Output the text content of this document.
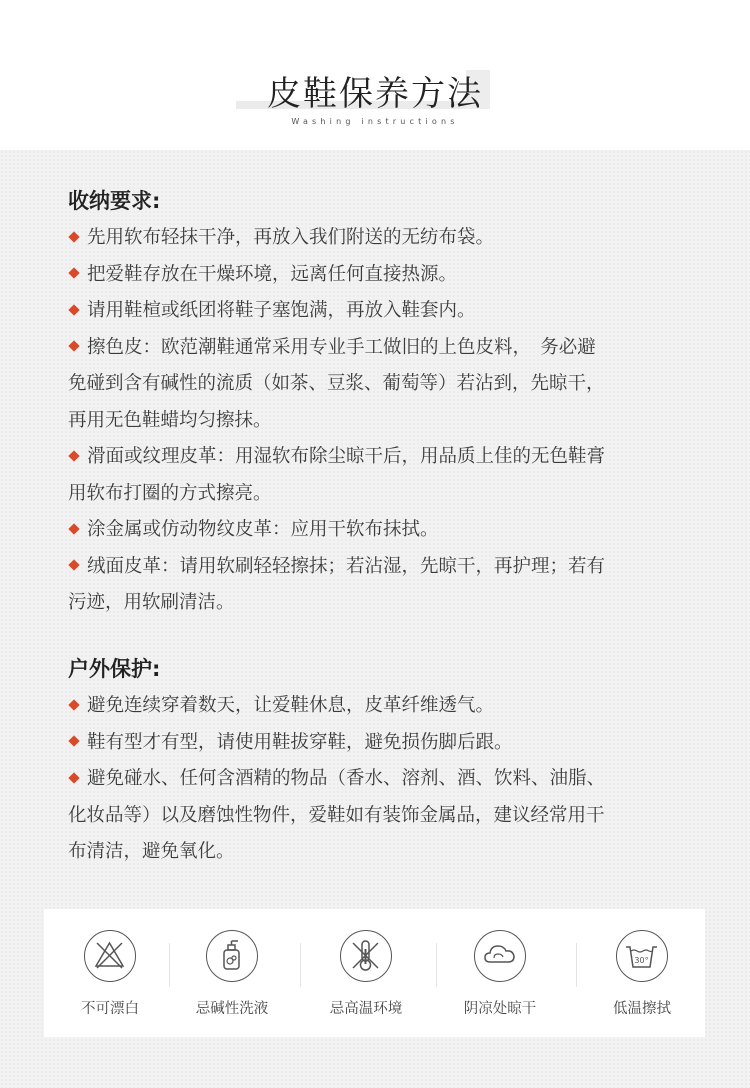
皮鞋保养方法
Washing instructions
收纳要求:
先用软布轻抹干净，再放入我们附送的无纺布袋。
把爱鞋存放在干燥环境，远离任何直接热源。
请用鞋楦或纸团将鞋子塞饱满，再放入鞋套内。
擦色皮：欧范潮鞋通常采用专业手工做旧的上色皮料，　务必避
免碰到含有碱性的流质（如茶、豆浆、葡萄等）若沾到，先晾干，
再用无色鞋蜡均匀擦抹。
滑面或纹理皮革：用湿软布除尘晾干后，用品质上佳的无色鞋膏
用软布打圈的方式擦亮。
涂金属或仿动物纹皮革：应用干软布抹拭。
绒面皮革：请用软刷轻轻擦抹；若沾湿，先晾干，再护理；若有
污迹，用软刷清洁。
户外保护:
避免连续穿着数天，让爱鞋休息，皮革纤维透气。
鞋有型才有型，请使用鞋拔穿鞋，避免损伤脚后跟。
避免碰水、任何含酒精的物品（香水、溶剂、酒、饮料、油脂、
化妆品等）以及磨蚀性物件，爱鞋如有装饰金属品，建议经常用干
布清洁，避免氧化。
不可漂白	忌碱性洗液	忌高温环境	阴凉处晾干
30°
低温擦拭
